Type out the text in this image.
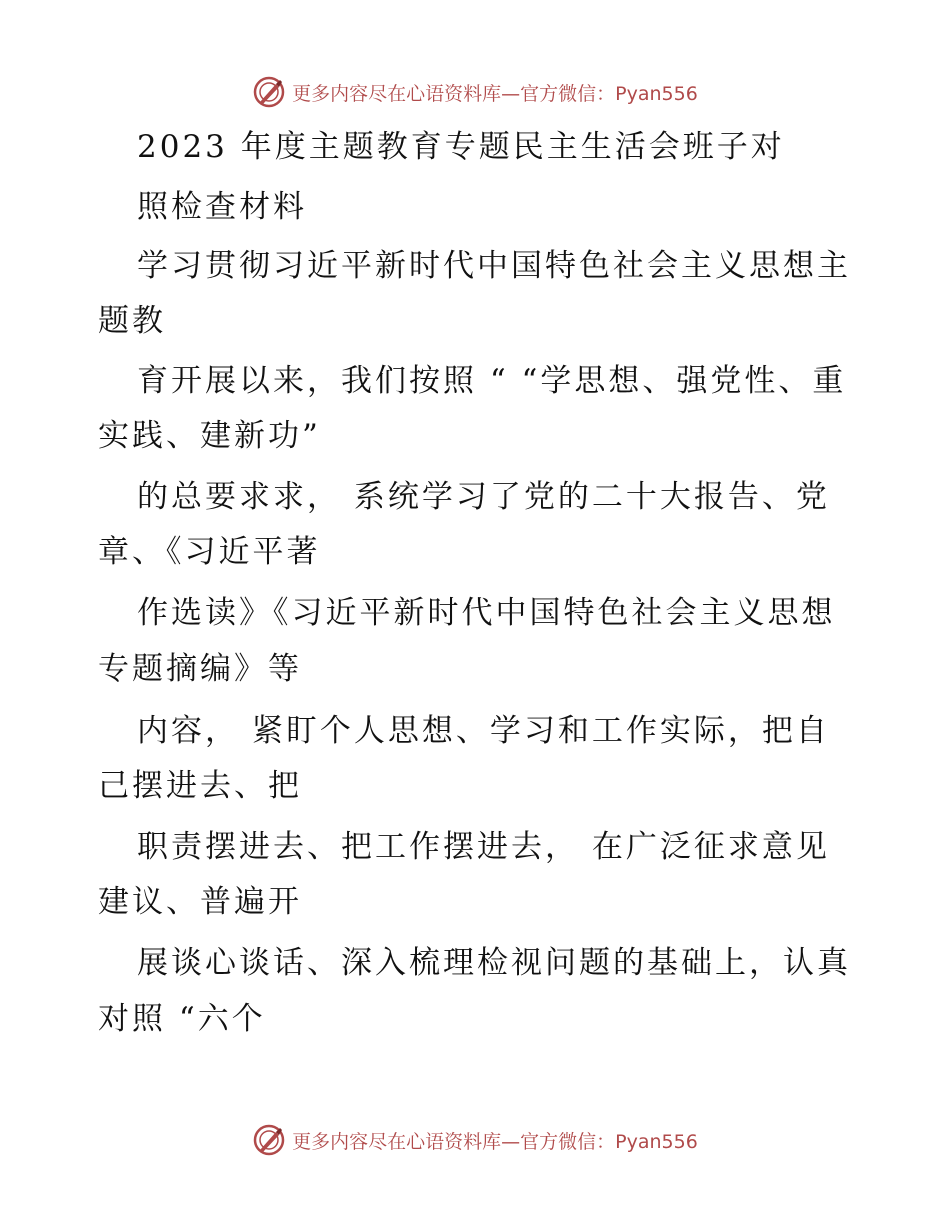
更多内容尽在心语资料库—官方微信：Pyan556
2023 年度主题教育专题民主生活会班子对
照检查材料
学习贯彻习近平新时代中国特色社会主义思想主
题教
育开展以来，我们按照 “ “学思想、强党性、重
实践、建新功”
的总要求求， 系统学习了党的二十大报告、党
章、《习近平著
作选读》《习近平新时代中国特色社会主义思想
专题摘编》等
内容， 紧盯个人思想、学习和工作实际，把自
己摆进去、把
职责摆进去、把工作摆进去， 在广泛征求意见
建议、普遍开
展谈心谈话、深入梳理检视问题的基础上，认真
对照 “六个
更多内容尽在心语资料库—官方微信：Pyan556
